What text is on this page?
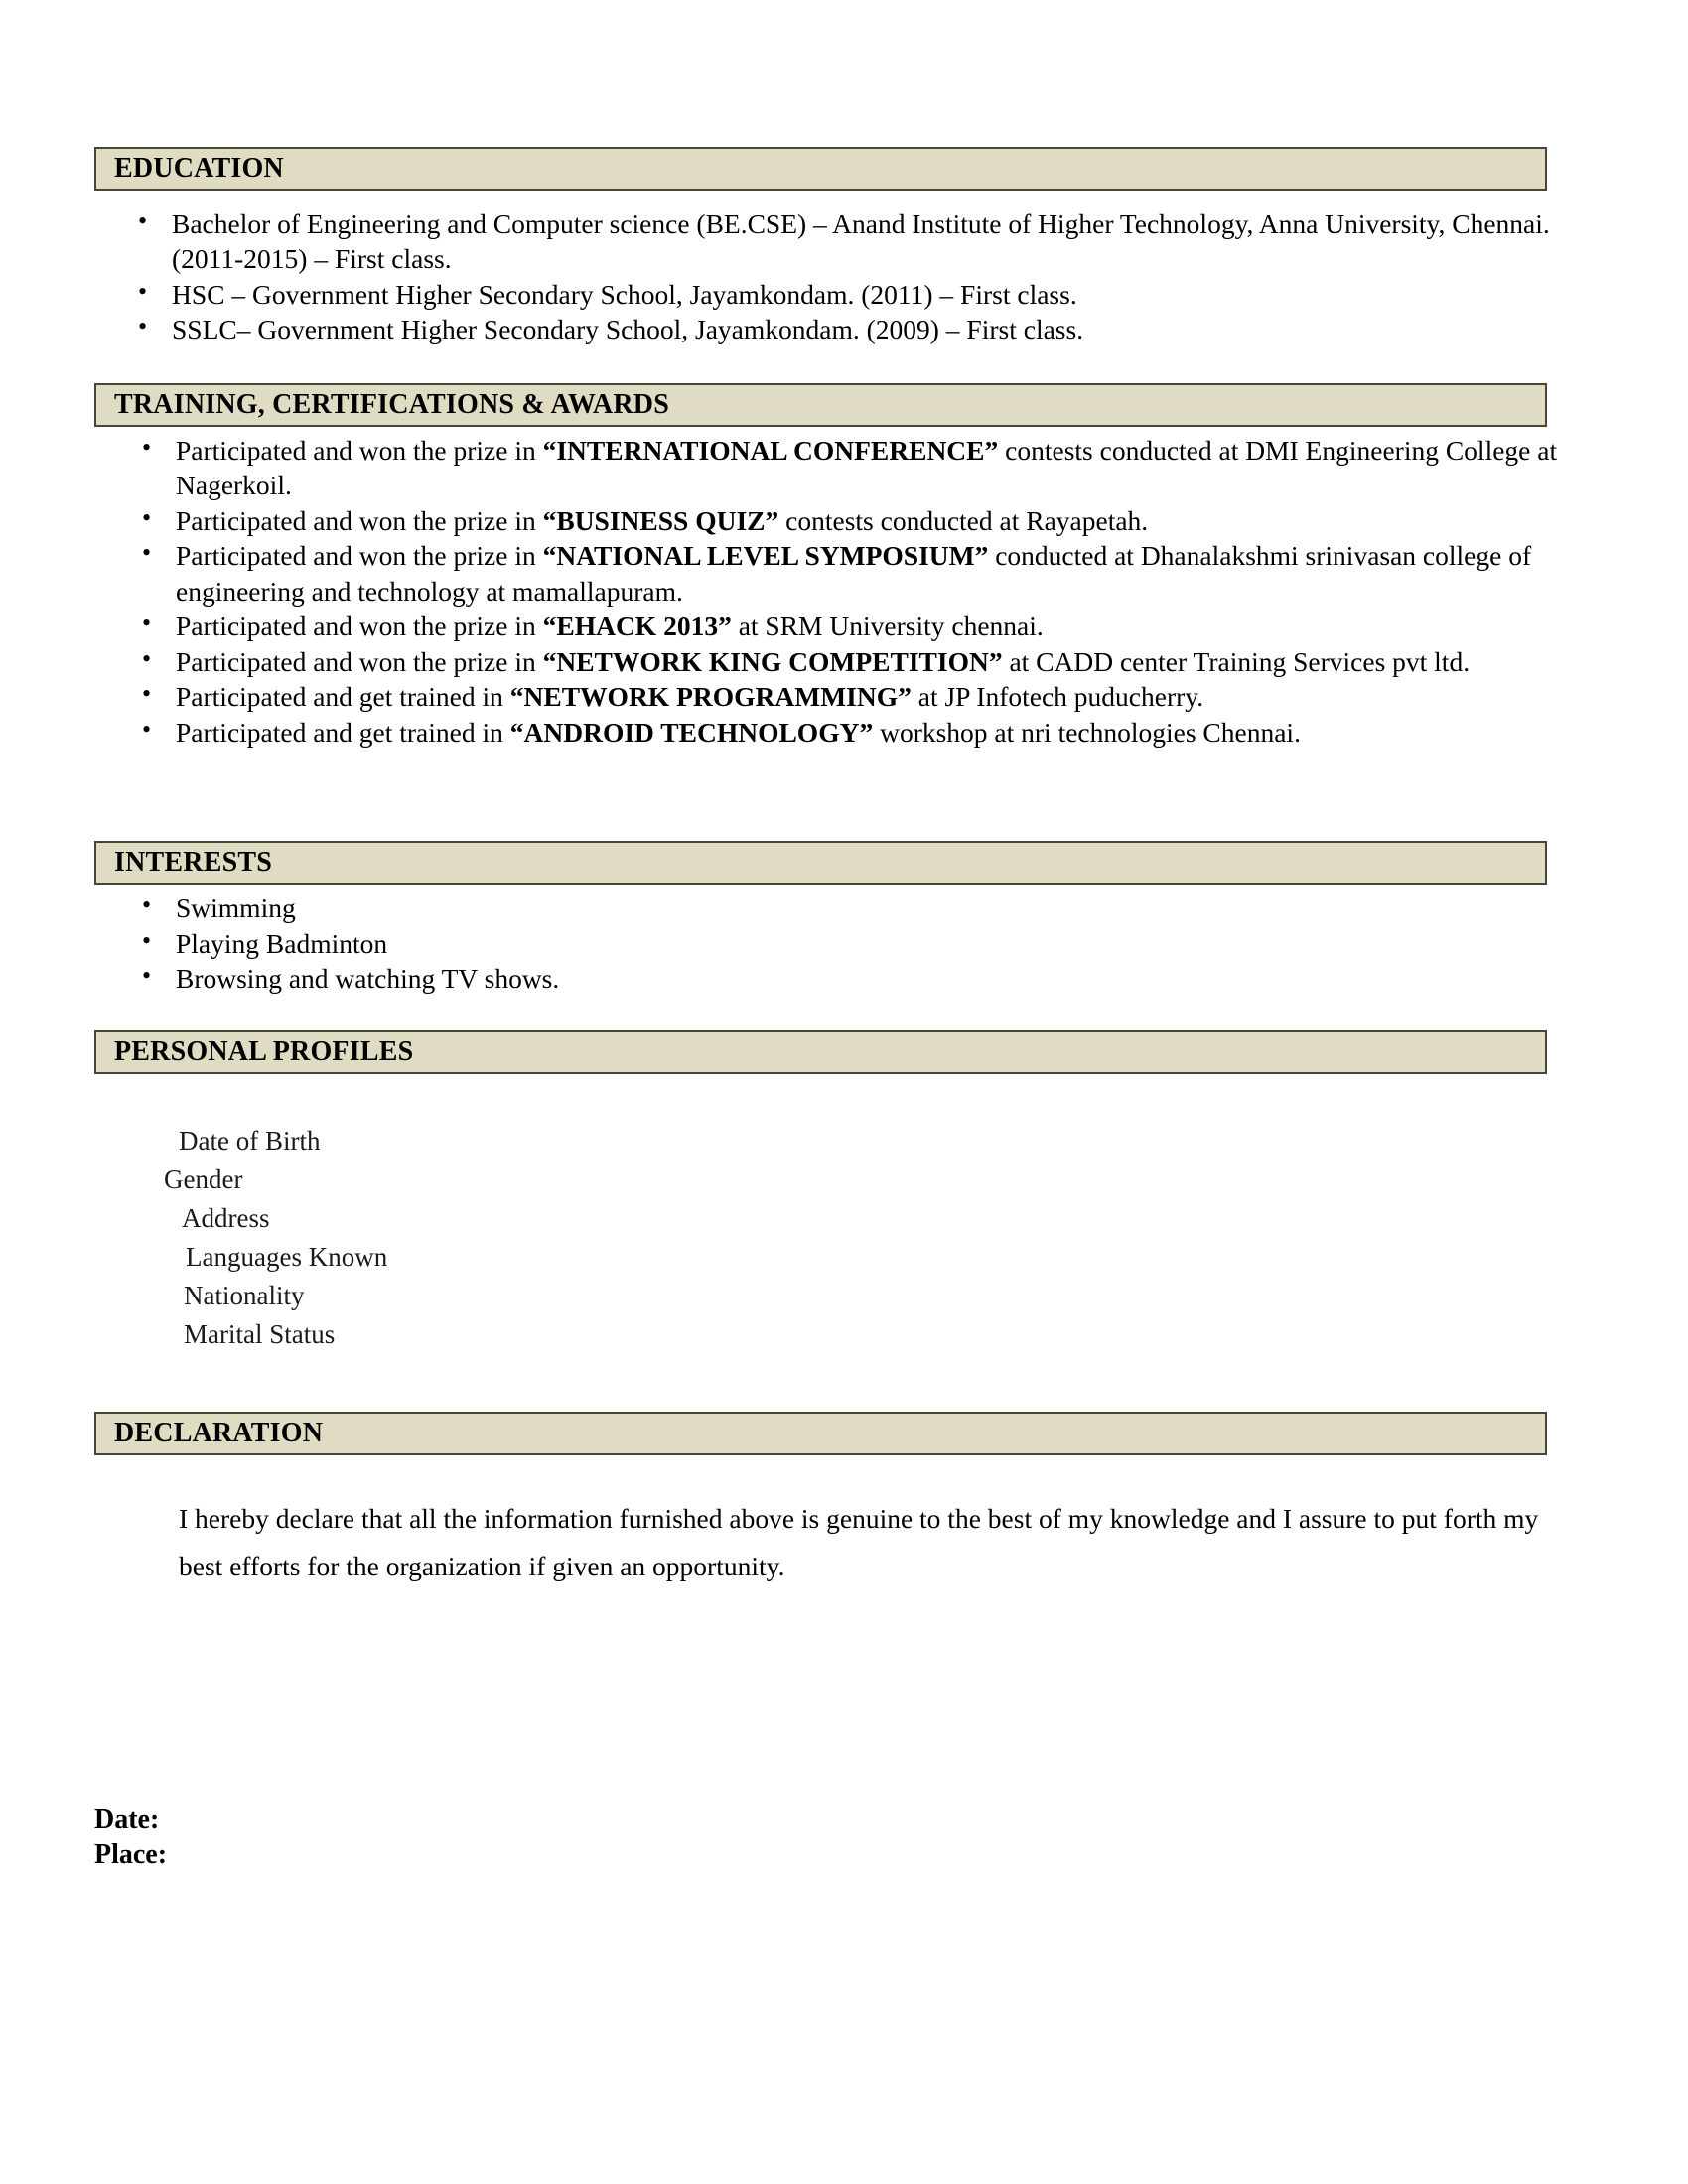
EDUCATION
• Bachelor of Engineering and Computer science (BE.CSE) – Anand Institute of Higher Technology, Anna University, Chennai. (2011-2015) – First class.
• HSC – Government Higher Secondary School, Jayamkondam. (2011) – First class.
• SSLC– Government Higher Secondary School, Jayamkondam. (2009) – First class.
TRAINING, CERTIFICATIONS & AWARDS
• Participated and won the prize in “INTERNATIONAL CONFERENCE” contests conducted at DMI Engineering College at Nagerkoil.
• Participated and won the prize in “BUSINESS QUIZ” contests conducted at Rayapetah.
• Participated and won the prize in “NATIONAL LEVEL SYMPOSIUM” conducted at Dhanalakshmi srinivasan college of engineering and technology at mamallapuram.
• Participated and won the prize in “EHACK 2013” at SRM University chennai.
• Participated and won the prize in “NETWORK KING COMPETITION” at CADD center Training Services pvt ltd.
• Participated and get trained in “NETWORK PROGRAMMING” at JP Infotech puducherry.
• Participated and get trained in “ANDROID TECHNOLOGY” workshop at nri technologies Chennai.
INTERESTS
• Swimming
• Playing Badminton
• Browsing and watching TV shows.
PERSONAL PROFILES
Date of Birth
Gender
Address
Languages Known
Nationality
Marital Status
DECLARATION
I hereby declare that all the information furnished above is genuine to the best of my knowledge and I assure to put forth my best efforts for the organization if given an opportunity.
Date:
Place:
